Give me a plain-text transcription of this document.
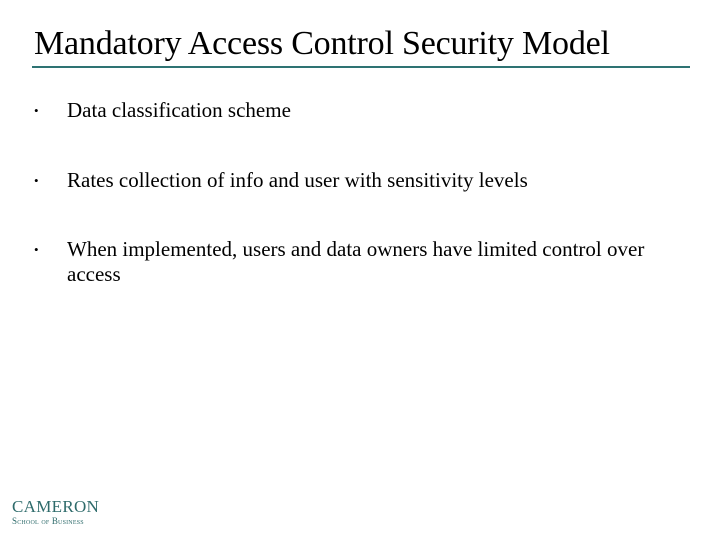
Mandatory Access Control Security Model
• Data classification scheme
• Rates collection of info and user with sensitivity levels
• When implemented, users and data owners have limited control over access
CAMERON
School of Business
